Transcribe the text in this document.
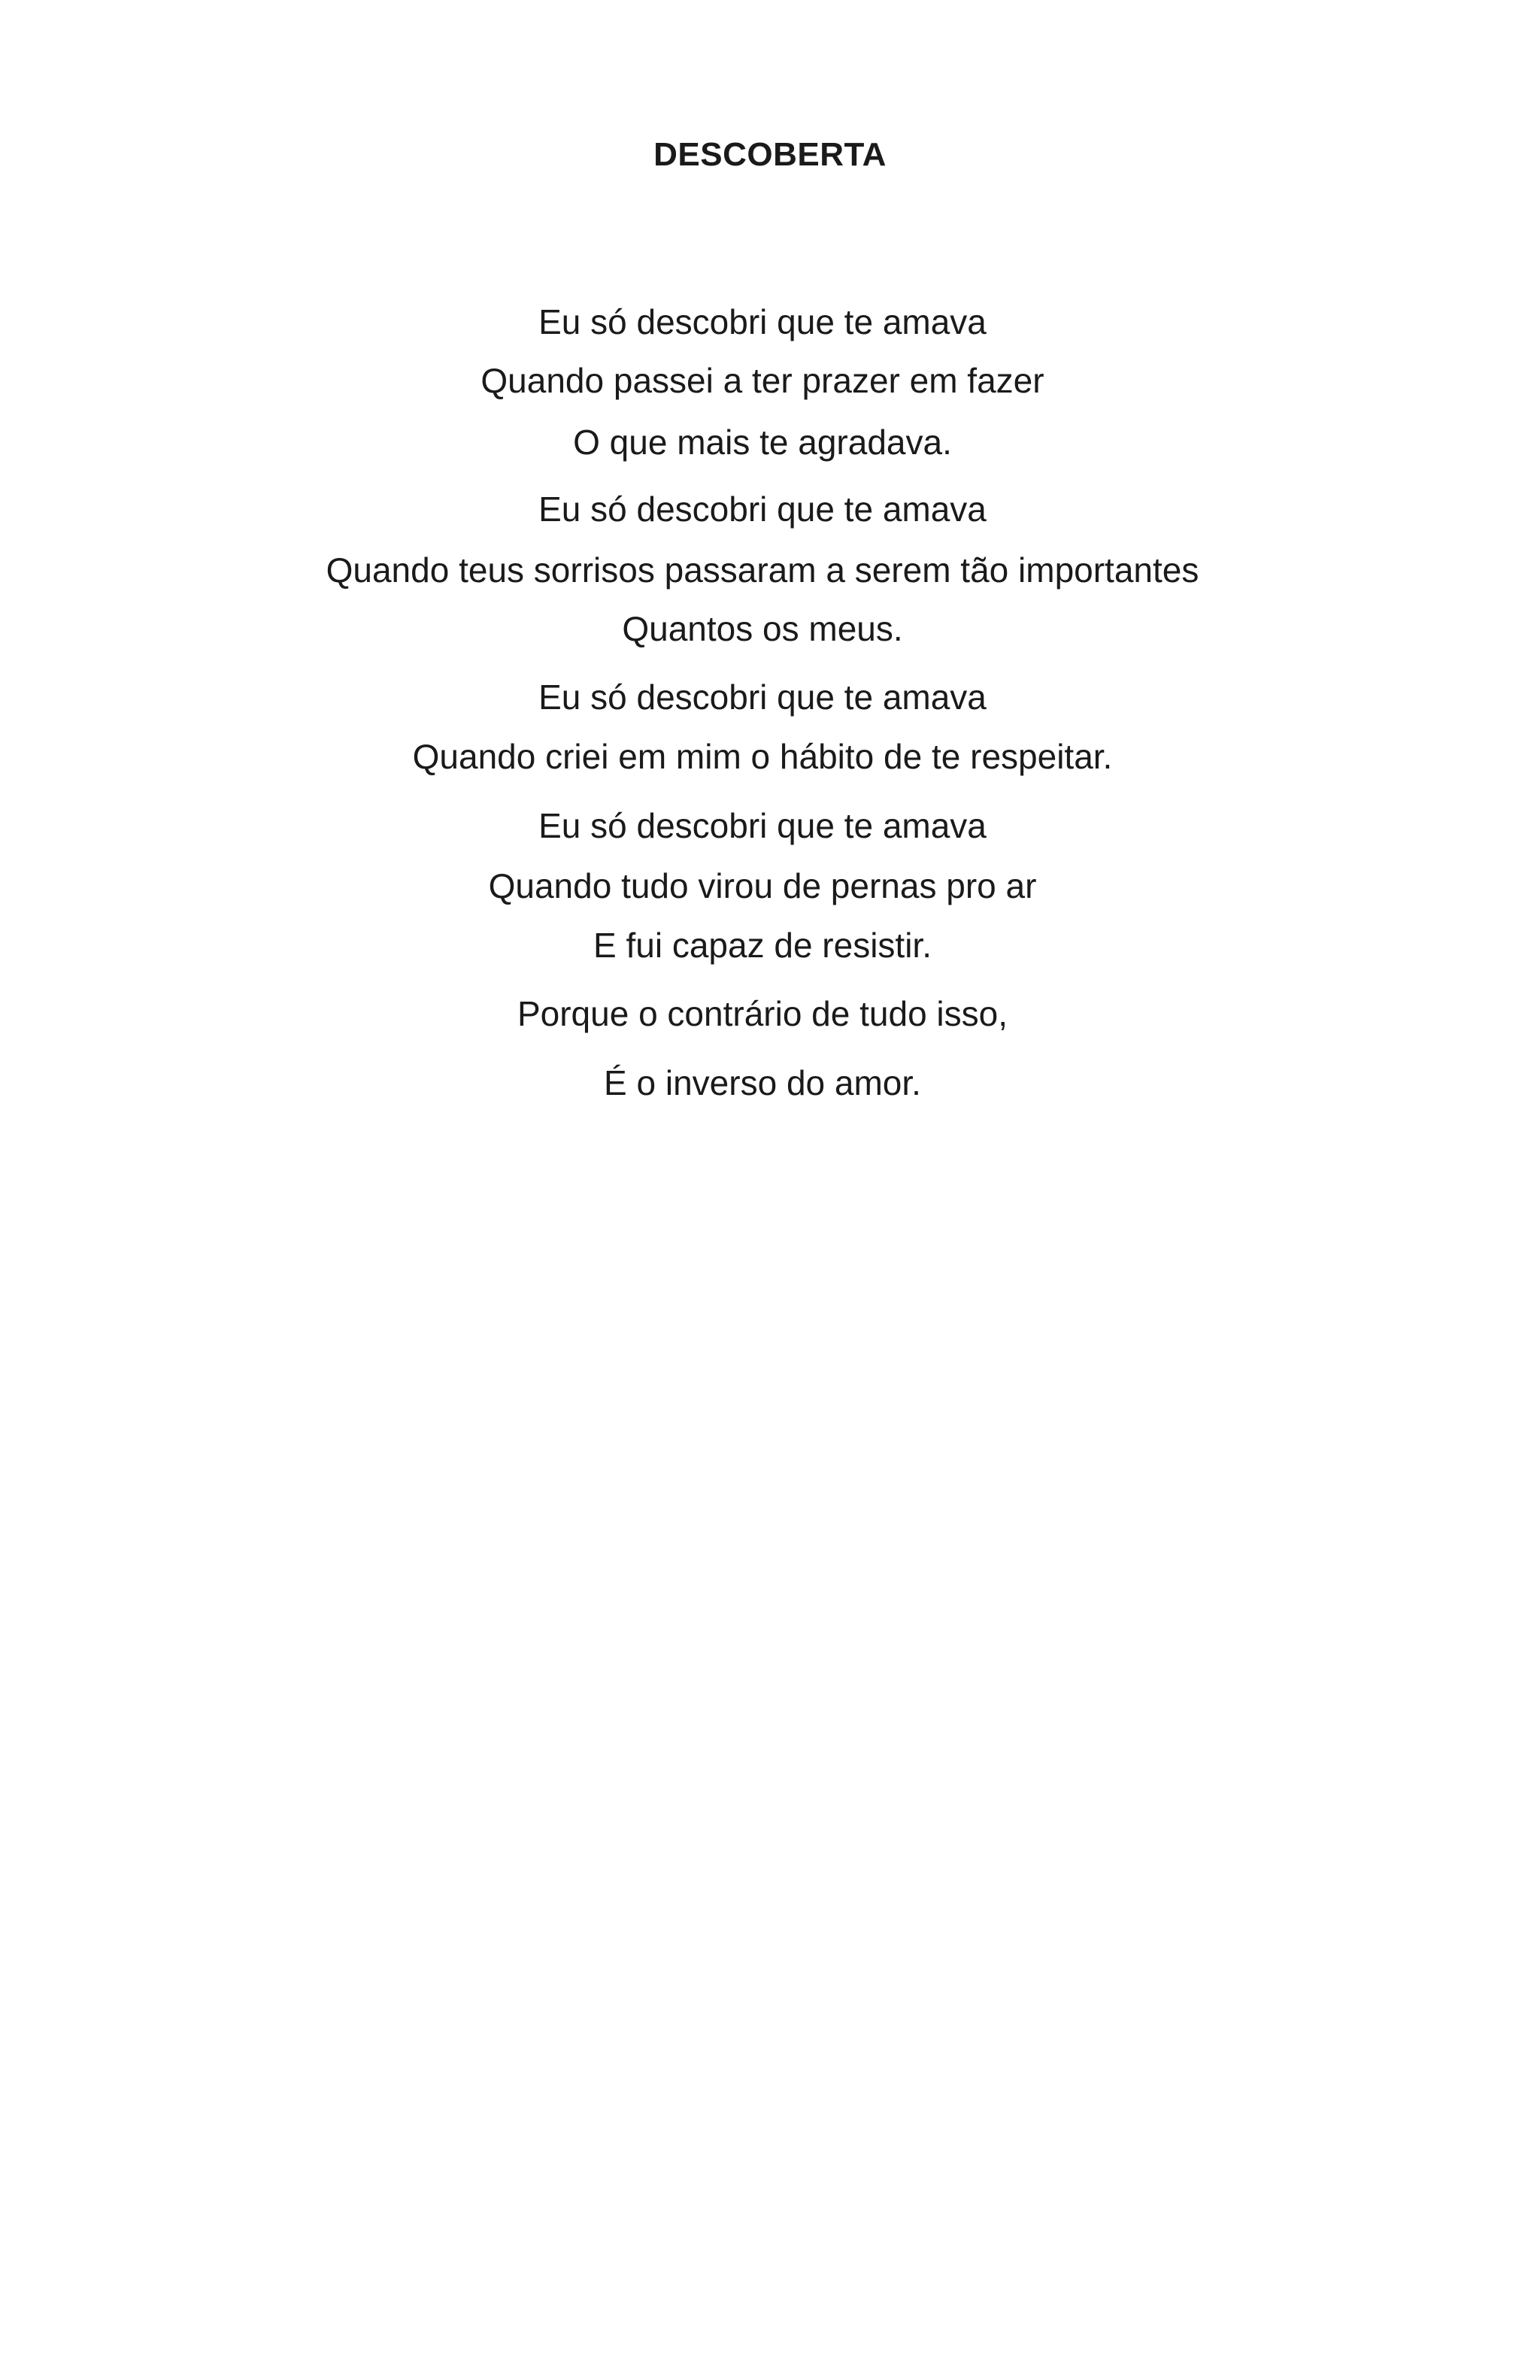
DESCOBERTA

Eu só descobri que te amava

Quando passei a ter prazer em fazer

O que mais te agradava.

Eu só descobri que te amava

Quando teus sorrisos passaram a serem tão importantes

Quantos os meus.

Eu só descobri que te amava

Quando criei em mim o hábito de te respeitar.

Eu só descobri que te amava

Quando tudo virou de pernas pro ar

E fui capaz de resistir.

Porque o contrário de tudo isso,

É o inverso do amor.
